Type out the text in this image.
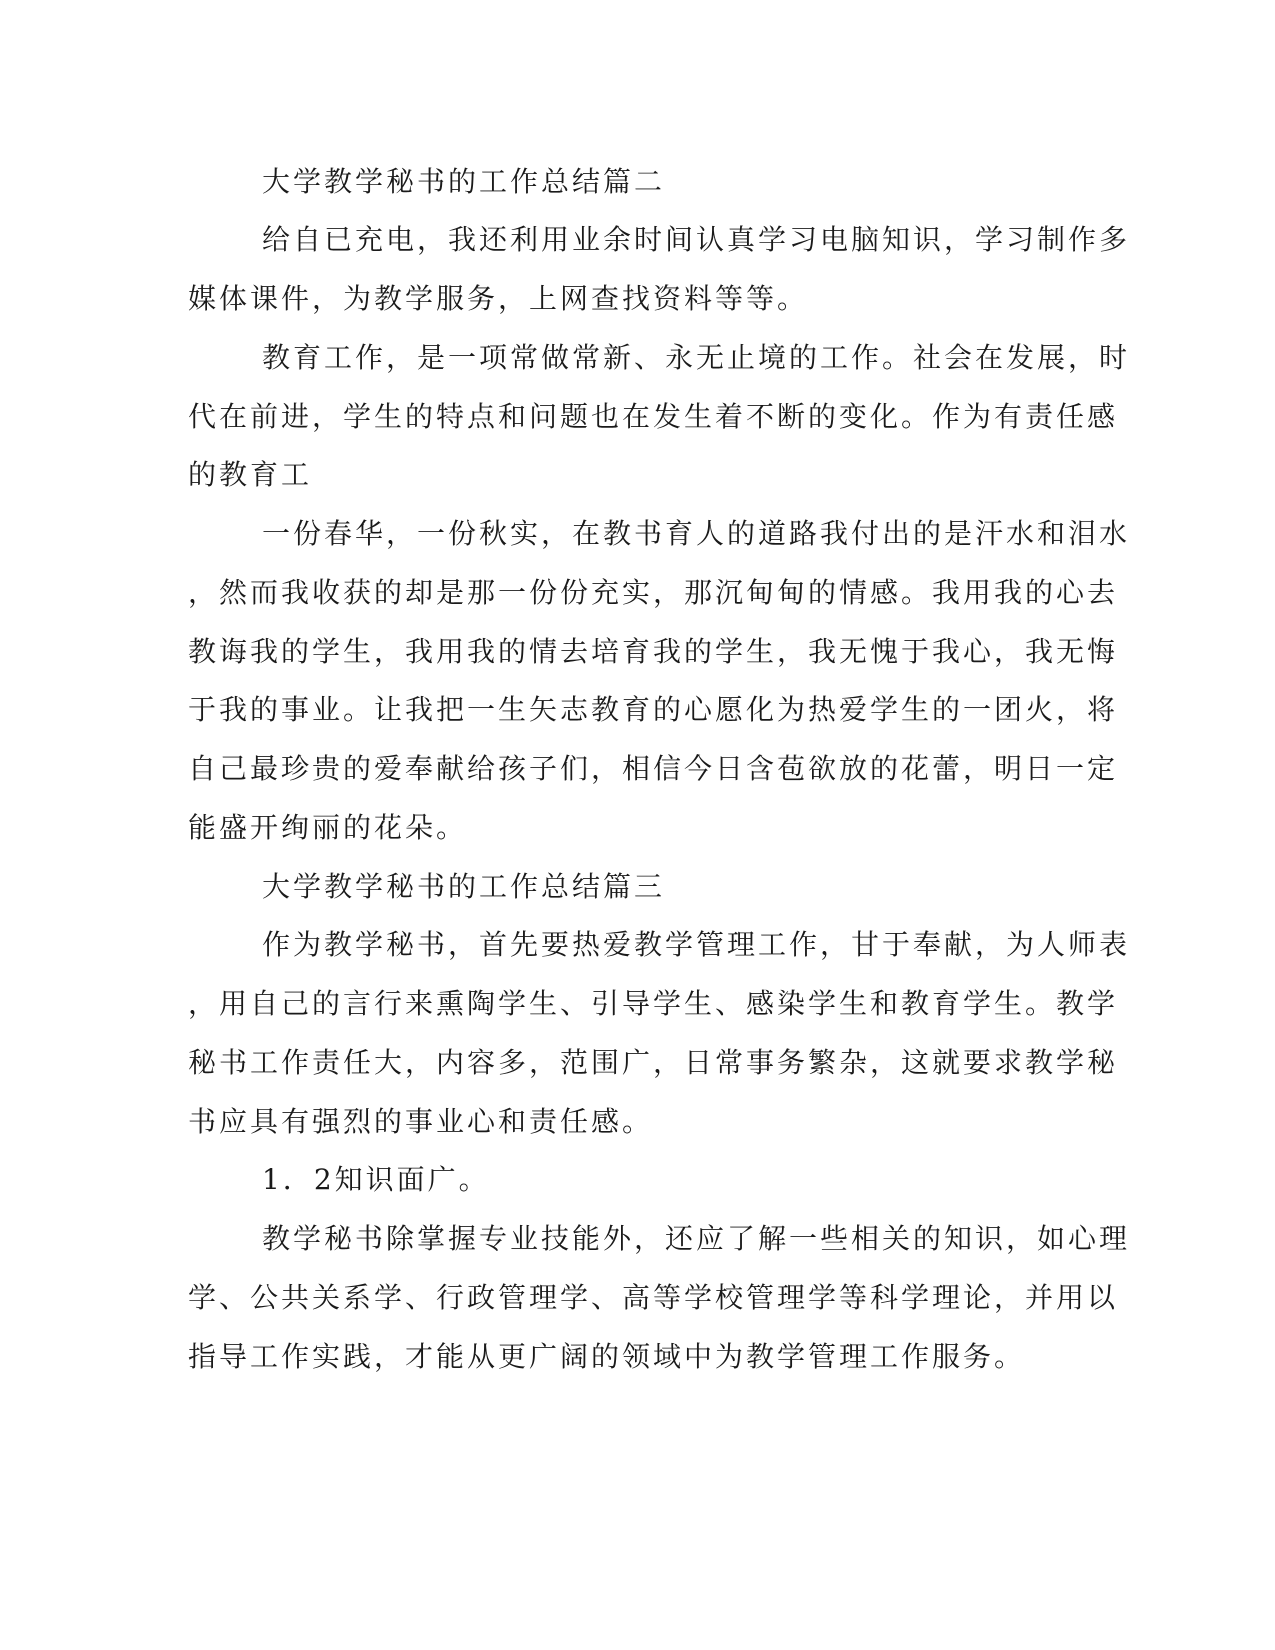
大学教学秘书的工作总结篇二

给自已充电，我还利用业余时间认真学习电脑知识，学习制作多

媒体课件，为教学服务，上网查找资料等等。

教育工作，是一项常做常新、永无止境的工作。社会在发展，时

代在前进，学生的特点和问题也在发生着不断的变化。作为有责任感

的教育工

一份春华，一份秋实，在教书育人的道路我付出的是汗水和泪水

，然而我收获的却是那一份份充实，那沉甸甸的情感。我用我的心去

教诲我的学生，我用我的情去培育我的学生，我无愧于我心，我无悔

于我的事业。让我把一生矢志教育的心愿化为热爱学生的一团火，将

自己最珍贵的爱奉献给孩子们，相信今日含苞欲放的花蕾，明日一定

能盛开绚丽的花朵。

大学教学秘书的工作总结篇三

作为教学秘书，首先要热爱教学管理工作，甘于奉献，为人师表

，用自己的言行来熏陶学生、引导学生、感染学生和教育学生。教学

秘书工作责任大，内容多，范围广，日常事务繁杂，这就要求教学秘

书应具有强烈的事业心和责任感。

1．2知识面广。

教学秘书除掌握专业技能外，还应了解一些相关的知识，如心理

学、公共关系学、行政管理学、高等学校管理学等科学理论，并用以

指导工作实践，才能从更广阔的领域中为教学管理工作服务。
